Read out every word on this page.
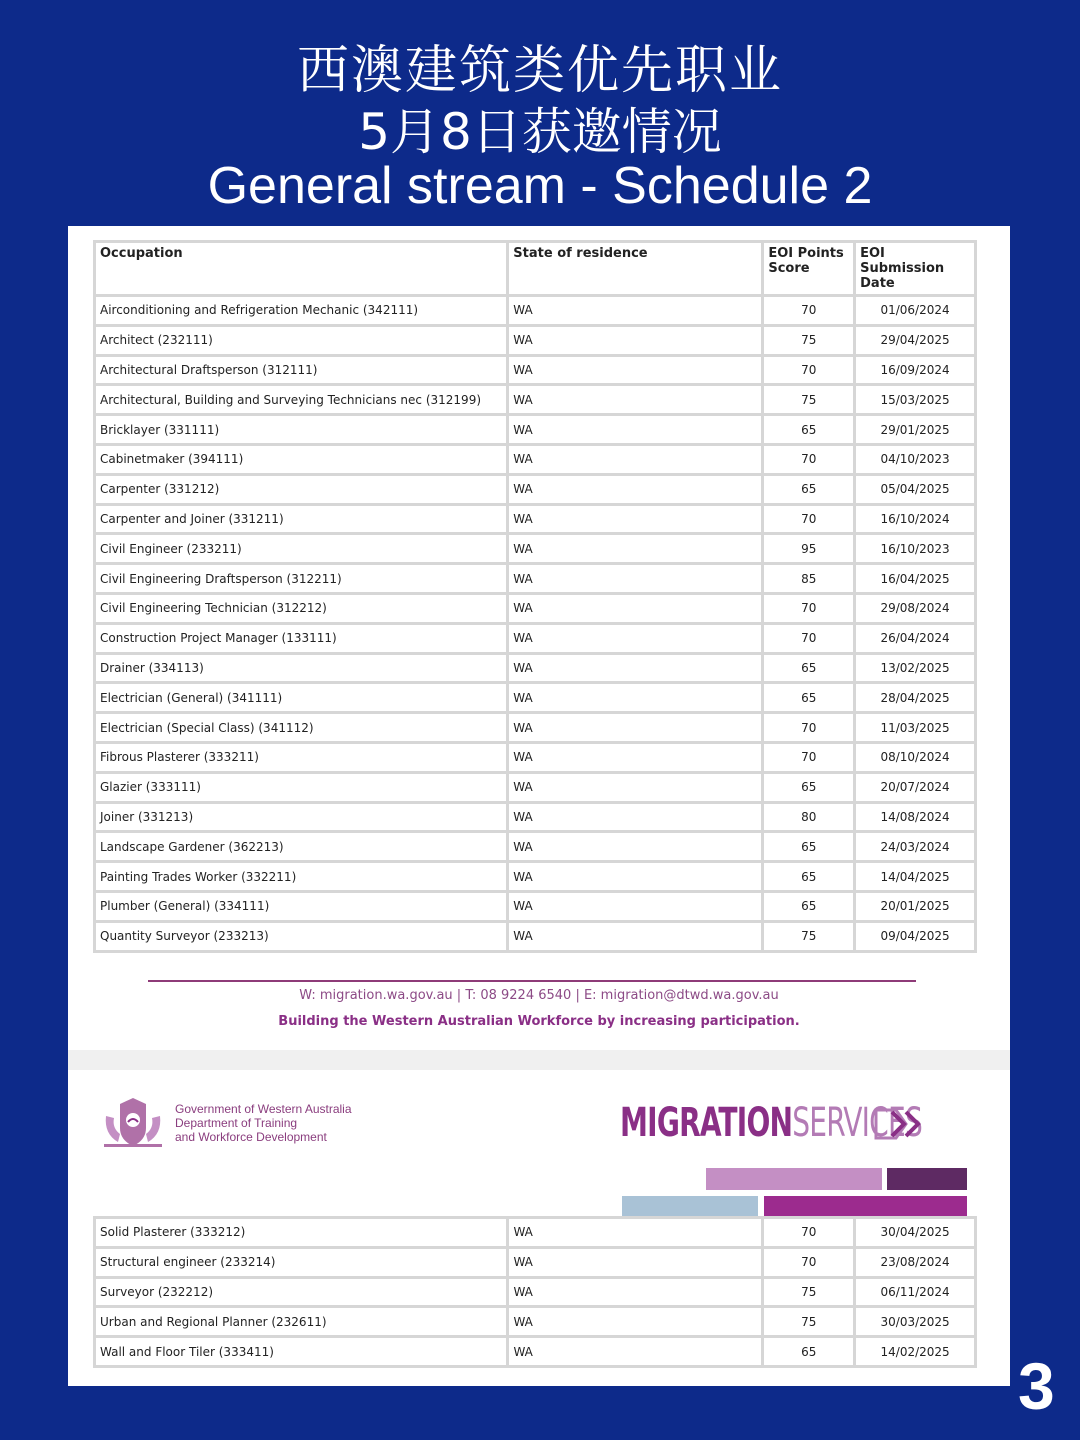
西澳建筑类优先职业
5月8日获邀情况
General stream - Schedule 2
Occupation	State of residence	EOI Points Score	EOI Submission Date
Airconditioning and Refrigeration Mechanic (342111)	WA	70	01/06/2024
Architect (232111)	WA	75	29/04/2025
Architectural Draftsperson (312111)	WA	70	16/09/2024
Architectural, Building and Surveying Technicians nec (312199)	WA	75	15/03/2025
Bricklayer (331111)	WA	65	29/01/2025
Cabinetmaker (394111)	WA	70	04/10/2023
Carpenter (331212)	WA	65	05/04/2025
Carpenter and Joiner (331211)	WA	70	16/10/2024
Civil Engineer (233211)	WA	95	16/10/2023
Civil Engineering Draftsperson (312211)	WA	85	16/04/2025
Civil Engineering Technician (312212)	WA	70	29/08/2024
Construction Project Manager (133111)	WA	70	26/04/2024
Drainer (334113)	WA	65	13/02/2025
Electrician (General) (341111)	WA	65	28/04/2025
Electrician (Special Class) (341112)	WA	70	11/03/2025
Fibrous Plasterer (333211)	WA	70	08/10/2024
Glazier (333111)	WA	65	20/07/2024
Joiner (331213)	WA	80	14/08/2024
Landscape Gardener (362213)	WA	65	24/03/2024
Painting Trades Worker (332211)	WA	65	14/04/2025
Plumber (General) (334111)	WA	65	20/01/2025
Quantity Surveyor (233213)	WA	75	09/04/2025
W: migration.wa.gov.au | T: 08 9224 6540 | E: migration@dtwd.wa.gov.au
Building the Western Australian Workforce by increasing participation.
Government of Western Australia
Department of Training
and Workforce Development	MIGRATIONSERVICES
Solid Plasterer (333212)	WA	70	30/04/2025
Structural engineer (233214)	WA	70	23/08/2024
Surveyor (232212)	WA	75	06/11/2024
Urban and Regional Planner (232611)	WA	75	30/03/2025
Wall and Floor Tiler (333411)	WA	65	14/02/2025 3
